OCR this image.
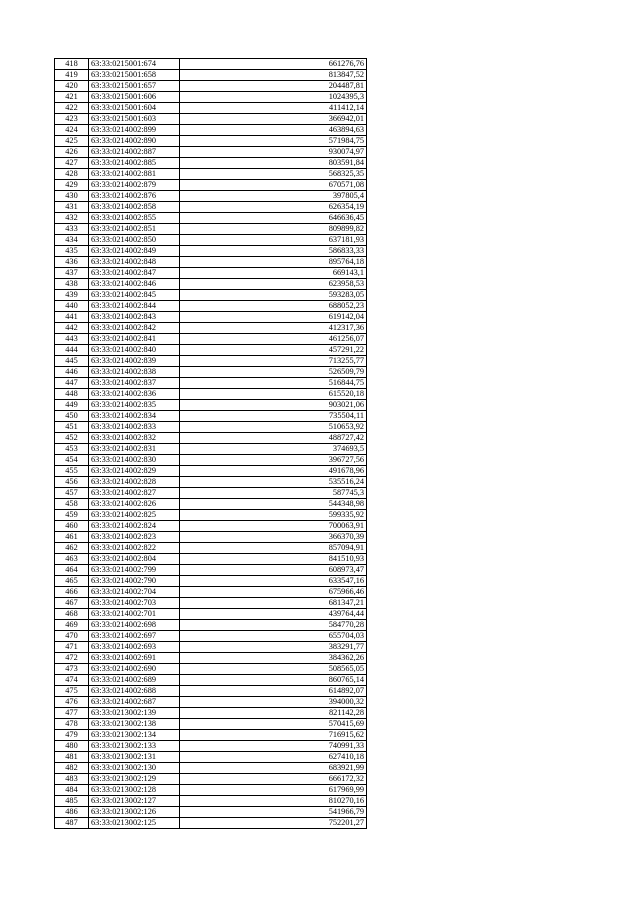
418	63:33:0215001:674	661276,76
419	63:33:0215001:658	813847,52
420	63:33:0215001:657	204487,81
421	63:33:0215001:606	1024395,3
422	63:33:0215001:604	411412,14
423	63:33:0215001:603	366942,01
424	63:33:0214002:899	463894,63
425	63:33:0214002:890	571984,75
426	63:33:0214002:887	930074,97
427	63:33:0214002:885	803591,84
428	63:33:0214002:881	568325,35
429	63:33:0214002:879	670571,08
430	63:33:0214002:876	397805,4
431	63:33:0214002:858	626354,19
432	63:33:0214002:855	646636,45
433	63:33:0214002:851	809899,82
434	63:33:0214002:850	637181,93
435	63:33:0214002:849	586833,33
436	63:33:0214002:848	895764,18
437	63:33:0214002:847	669143,1
438	63:33:0214002:846	623958,53
439	63:33:0214002:845	593283,05
440	63:33:0214002:844	688052,23
441	63:33:0214002:843	619142,04
442	63:33:0214002:842	412317,36
443	63:33:0214002:841	461256,07
444	63:33:0214002:840	457291,22
445	63:33:0214002:839	713255,77
446	63:33:0214002:838	526509,79
447	63:33:0214002:837	516844,75
448	63:33:0214002:836	615520,18
449	63:33:0214002:835	903021,06
450	63:33:0214002:834	735504,11
451	63:33:0214002:833	510653,92
452	63:33:0214002:832	488727,42
453	63:33:0214002:831	374693,5
454	63:33:0214002:830	396727,56
455	63:33:0214002:829	491678,96
456	63:33:0214002:828	535516,24
457	63:33:0214002:827	587745,3
458	63:33:0214002:826	544348,98
459	63:33:0214002:825	599335,92
460	63:33:0214002:824	700063,91
461	63:33:0214002:823	366370,39
462	63:33:0214002:822	857094,91
463	63:33:0214002:804	841510,93
464	63:33:0214002:799	608973,47
465	63:33:0214002:790	633547,16
466	63:33:0214002:704	675966,46
467	63:33:0214002:703	681347,21
468	63:33:0214002:701	439764,44
469	63:33:0214002:698	584770,28
470	63:33:0214002:697	655704,03
471	63:33:0214002:693	383291,77
472	63:33:0214002:691	384362,26
473	63:33:0214002:690	508565,05
474	63:33:0214002:689	860765,14
475	63:33:0214002:688	614892,07
476	63:33:0214002:687	394000,32
477	63:33:0213002:139	821142,28
478	63:33:0213002:138	570415,69
479	63:33:0213002:134	716915,62
480	63:33:0213002:133	740991,33
481	63:33:0213002:131	627410,18
482	63:33:0213002:130	683921,99
483	63:33:0213002:129	666172,32
484	63:33:0213002:128	617969,99
485	63:33:0213002:127	810270,16
486	63:33:0213002:126	541966,79
487	63:33:0213002:125	752201,27
